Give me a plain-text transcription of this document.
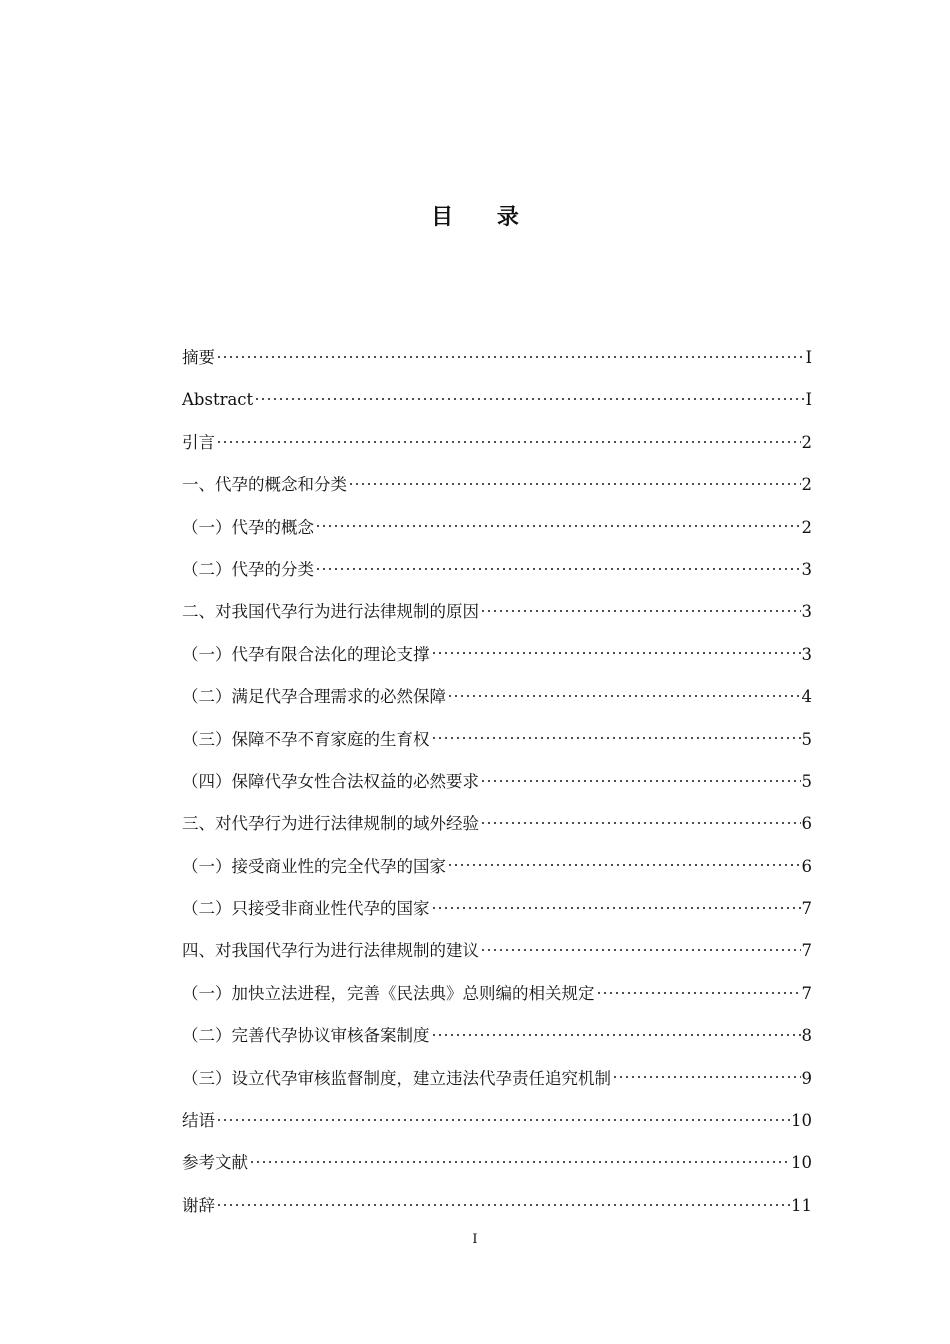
目 录
摘要	Ⅰ
Abstract	Ⅰ
引言	2
一、代孕的概念和分类	2
（一）代孕的概念	2
（二）代孕的分类	3
二、对我国代孕行为进行法律规制的原因	3
（一）代孕有限合法化的理论支撑	3
（二）满足代孕合理需求的必然保障	4
（三）保障不孕不育家庭的生育权	5
（四）保障代孕女性合法权益的必然要求	5
三、对代孕行为进行法律规制的域外经验	6
（一）接受商业性的完全代孕的国家	6
（二）只接受非商业性代孕的国家	7
四、对我国代孕行为进行法律规制的建议	7
（一）加快立法进程，完善《民法典》总则编的相关规定	7
（二）完善代孕协议审核备案制度	8
（三）设立代孕审核监督制度，建立违法代孕责任追究机制	9
结语	10
参考文献	10
谢辞	11
I
